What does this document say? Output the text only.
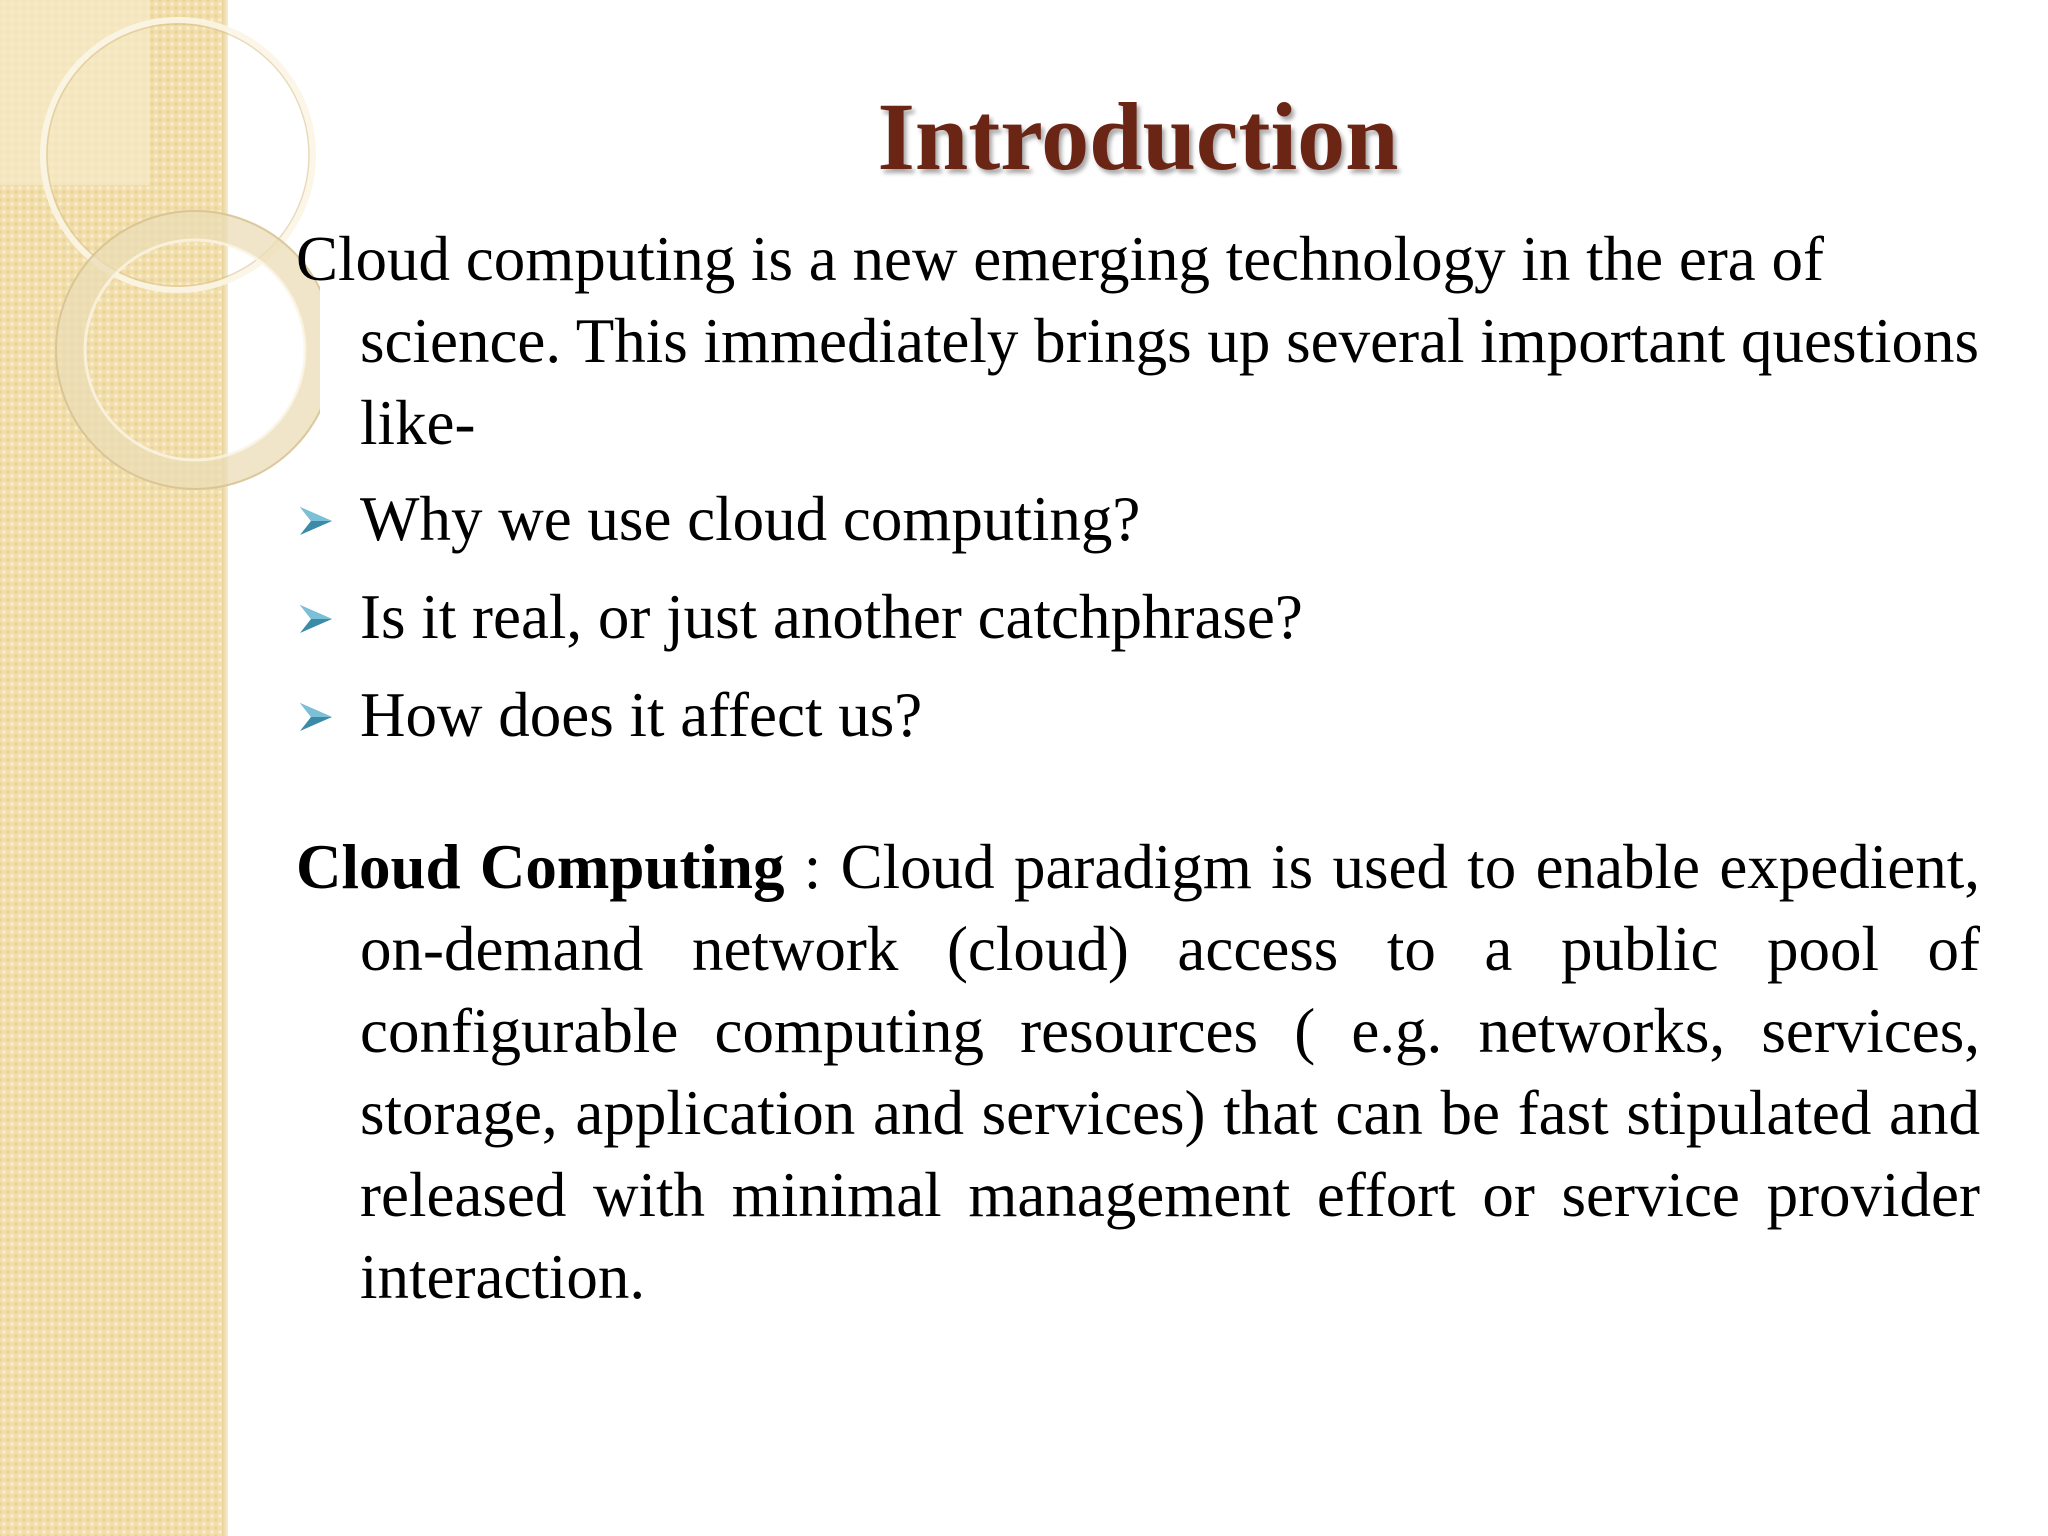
Introduction

Cloud computing is a new emerging technology in the era of science. This immediately brings up several important questions like-

Why we use cloud computing?
Is it real, or just another catchphrase?
How does it affect us?

Cloud Computing : Cloud paradigm is used to enable expedient, on-demand network (cloud) access to a public pool of configurable computing resources ( e.g. networks, services, storage, application and services) that can be fast stipulated and released with minimal management effort or service provider interaction.
